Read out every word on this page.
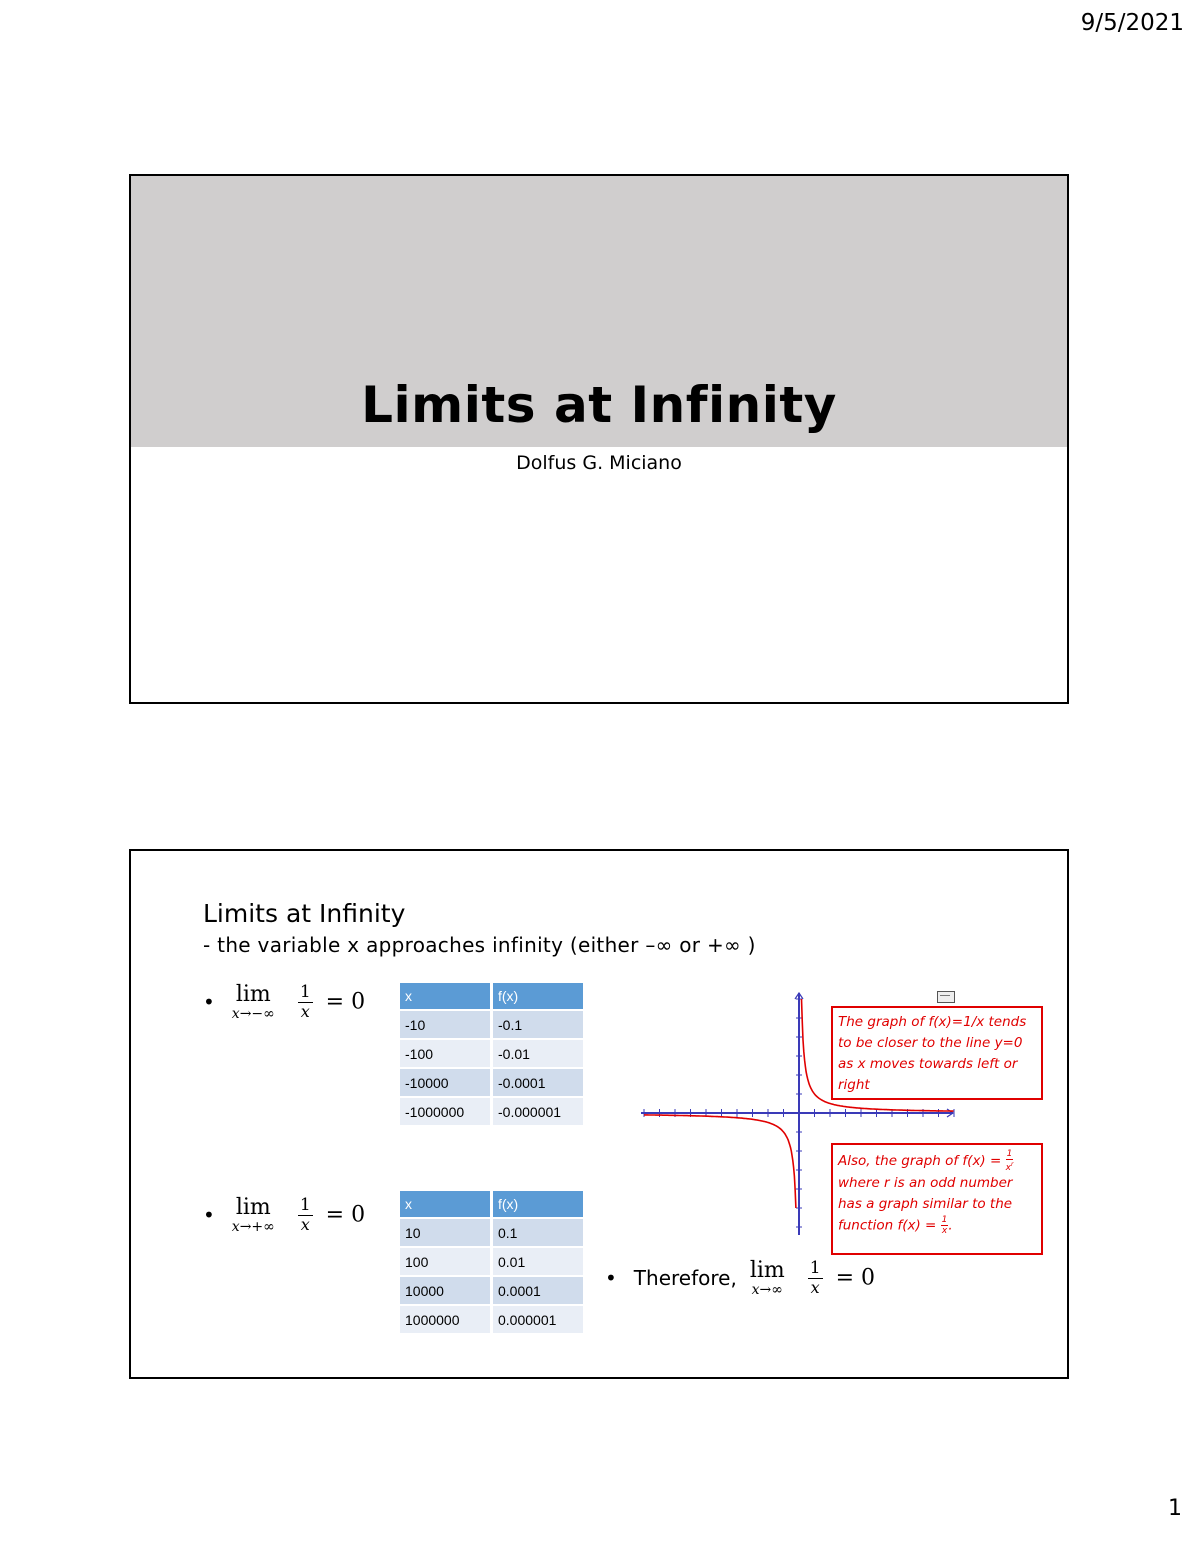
9/5/2021
Limits at Infinity
Dolfus G. Miciano
Limits at Infinity
- the variable x approaches infinity (either –∞ or +∞ )
• lim
x→−∞
$\frac{1}{x} = 0$
• lim
x→+∞
$\frac{1}{x} = 0$
• Therefore, lim
x→∞
$\frac{1}{x} = 0$
x	f(x)
-10	-0.1
-100	-0.01
-10000	-0.0001
-1000000	-0.000001
x	f(x)
10	0.1
100	0.01
10000	0.0001
1000000	0.000001
The graph of f(x)=1/x tends to be closer to the line y=0 as x moves towards left or right
Also, the graph of $f(x) = \frac{1}{x^r}$
where r is an odd number has a graph similar to the function $f(x) = \frac{1}{x}$ .
1
